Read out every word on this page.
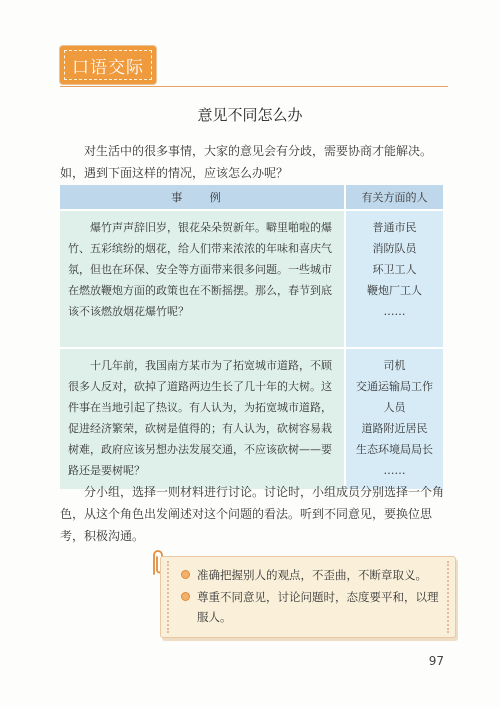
口语交际
意见不同怎么办

对生活中的很多事情，大家的意见会有分歧，需要协商才能解决。如，遇到下面这样的情况，应该怎么办呢？

事 例	有关方面的人
爆竹声声辞旧岁，银花朵朵贺新年。噼里啪啦的爆竹、五彩缤纷的烟花，给人们带来浓浓的年味和喜庆气氛，但也在环保、安全等方面带来很多问题。一些城市在燃放鞭炮方面的政策也在不断摇摆。那么，春节到底该不该燃放烟花爆竹呢？	普通市民
消防队员
环卫工人
鞭炮厂工人
……

十几年前，我国南方某市为了拓宽城市道路，不顾很多人反对，砍掉了道路两边生长了几十年的大树。这件事在当地引起了热议。有人认为，为拓宽城市道路，促进经济繁荣，砍树是值得的；有人认为，砍树容易栽树难，政府应该另想办法发展交通，不应该砍树——要路还是要树呢？	司机
交通运输局工作人员
道路附近居民
生态环境局局长
……

分小组，选择一则材料进行讨论。讨论时，小组成员分别选择一个角色，从这个角色出发阐述对这个问题的看法。听到不同意见，要换位思考，积极沟通。

准确把握别人的观点，不歪曲，不断章取义。
尊重不同意见，讨论问题时，态度要平和，以理服人。
97
